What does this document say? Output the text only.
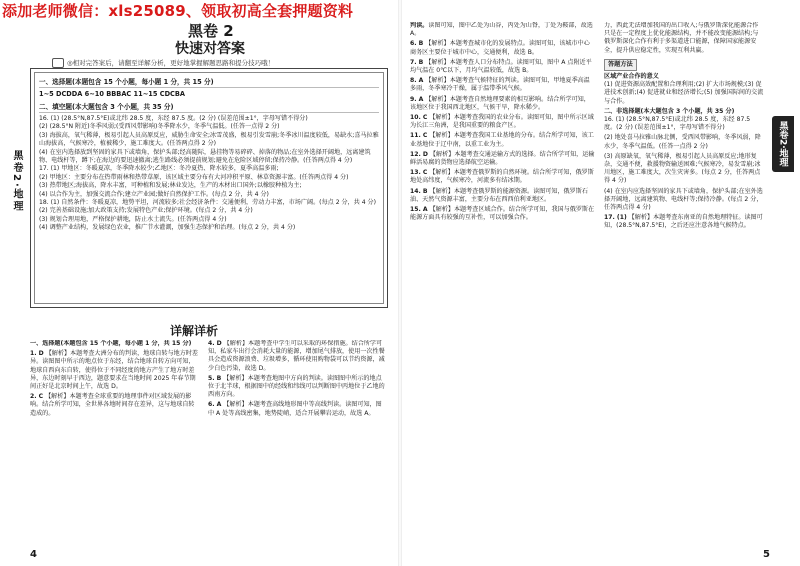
添加老师微信：xls25089、领取初高全套押题资料
黑卷2·地理
黑卷 2
快速对答案
◎相对完答案后，请翻至详解分析，更好地掌握解题思路和提分技巧哦！
一、选择题(本题包含 15 个小题，每小题 1 分，共 15 分)
1~5 DCDDA 6~10 BBBAC 11~15 CDCBA
二、填空题(本大题包含 3 个小题，共 35 分)

16. (1) (28.5°N,87.5°E)或北纬 28.5 度，东经 87.5 度。(2 分) (误差范围±1°，字母写错不得分)

(2) (28.5°N 附近)冬季风弱;(受西风带影响)冬季降水少，冬季气温低。(任答一点得 2 分)

(3) 海拔高，氧气稀薄，极易引起人员高原反应，威胁生命安全;冰雪茂盛，极易引发雪崩;冬季冰川温度较低，易缺水;喜马拉雅山海拔高，气候寒冷，植被稀少，施工难度大。(任答两点得 2 分)

(4) 在室内选择放到坚固的家具下或墙角，保护头部;经高随际，悬挂物等易碎碎、掉落的物品;在室外选择开阔地，远离建筑物、电线杆等，蹲下;在海边的要迅速撤离;逃生路线必须提前规划;避免在危险区域停留;保持冷静。(任答两点得 4 分)

17. (1) 甲地区：冬暖夏凉，冬季降水较少;乙地区：冬冷夏热、降水较多，夏季高温多雨;

(2) 甲地区：主要分布在热带雨林和热带草原，该区域主要分布有大河冲积平原、林草资源丰富。(任答两点得 4 分)

(3) 热带地区;海拔高，降水丰富，可种植和发展;林业发达，生产的木材出口国外;以橡胶种植为主;

(4) 以合作为主，加强交流合作;建立产业园;做好自然保护工作。(每点 2 分，共 4 分)

18. (1) 自然条件：冬暖夏凉，地势平坦，河流较多;社会经济条件：交通便利，劳动力丰富，市场广阔。(每点 2 分，共 4 分)

(2) 完善基础设施;加大政策支持;发展特色产业;保护环境。(每点 2 分，共 4 分)

(3) 规划合理用地，严格保护耕地，防止水土流失。(任答两点得 4 分)

(4) 调整产业结构，发展绿色农业，推广节水灌溉，加强生态保护和治理。(每点 2 分，共 4 分)

详解详析

一、选择题(本题包含 15 个小题，每小题 1 分，共 15 分)

1. D 【解析】本题考查大洲分布的判读，地球自转与地方时差异。读图图中所示的地点位于东经，结合地球自转方向可知，地球自西向东自转，使得位于不同经度的地方产生了地方时差异，东边时刻早于西边，题意要求在当地时间 2025 年春节期间正好是北京时间上午，故选 D。

2. C 【解析】本题考查全球重要的地理事件对区域发展的影响。结合所学可知，全世界各地时间存在差异，这与地球自转造成的。

4. D 【解析】本题考查中学生可以采取的环保措施。结合所学可知，私家车出行会消耗大量的能源，增加尾气排放，使用一次性餐具会造成资源浪费、垃圾增多，循环使用购物袋可以节约资源，减少白色污染，故选 D。

5. B 【解析】本题考查地图中方向的判读。读图图中所示的地点位于北半球，根据图中的经线和纬线可以判断图中丙地位于乙地的西南方向。

6. A 【解析】本题考查高线地形图中等高线判读。读图可知，图中 A 处等高线密集，地势陡峭，适合开展攀岩运动，故选 A。

4

判读。读图可知，图中乙处为山谷，丙处为山脊，丁处为鞍部，故选 A。

6. B 【解析】本题考查城市化的发展特点。读图可知，该城市中心商务区主要位于城市中心，交通便利，故选 B。

7. B 【解析】本题考查人口分布特点。读图可知，图中 A 点附近平均气温在 0℃以下，月均气温较低，故选 B。

8. A 【解析】本题考查气候特征的判读。读图可知，甲地夏季高温多雨，冬季寒冷干燥，属于温带季风气候。

9. A 【解析】本题考查自然地理要素的相互影响。结合所学可知，该地区位于我国西北地区，气候干旱，降水稀少。

10. C 【解析】本题考查我国的农业分布。读图可知，图中所示区域为长江三角洲，是我国重要的粮食产区。

11. C 【解析】本题考查我国工业基地的分布。结合所学可知，该工业基地位于辽中南，以重工业为主。

12. D 【解析】本题考查交通运输方式的选择。结合所学可知，运输鲜活易腐的货物应选择航空运输。

13. C 【解析】本题考查俄罗斯的自然环境。结合所学可知，俄罗斯地处高纬度，气候寒冷，河流多有结冰期。

14. B 【解析】本题考查俄罗斯的能源资源。读图可知，俄罗斯石油、天然气资源丰富，主要分布在西西伯利亚地区。

15. A 【解析】本题考查区域合作。结合所学可知，我国与俄罗斯在能源方面具有较强的互补性，可以加强合作。

力，西此无法增加我国的出口收入;与俄罗斯深化能源合作只是在一定程度上优化能源结构，并不能改变能源结构;与俄罗斯深化合作有利于多渠道进口能源，保障国家能源安全，提升供应稳定性，实现互利共赢。

答题方法

区域产业合作的意义
(1) 促进资源高效配置和合理利用;(2) 扩大市场规模;(3) 促进技术创新;(4) 促进就业和经济增长;(5) 加强国际间的交流与合作。

二、非选择题(本大题包含 3 个小题，共 35 分)
16. (1) (28.5°N,87.5°E)或北纬 28.5 度，东经 87.5 度。(2 分) (误差范围±1°，字母写错不得分)

(2) 地处喜马拉雅山脉北侧，受西风带影响，冬季风弱，降水少，冬季气温低。(任答一点得 2 分)

(3) 高原缺氧，氧气稀薄，极易引起人员高原反应;地形复杂，交通不便，救援物资输送困难;气候寒冷，易发雪崩;冰川地区，施工难度大，次生灾害多。(每点 2 分，任答两点得 4 分)

(4) 在室内应选择坚固的家具下或墙角，保护头部;在室外选择开阔地，远离建筑物、电线杆等;保持冷静。(每点 2 分，任答两点得 4 分)

17. (1) 【解析】本题考查东南亚的自然地理特征。读图可知，(28.5°N,87.5°E)，之后还应注意各地气候特点。

黑卷2·地理
5
